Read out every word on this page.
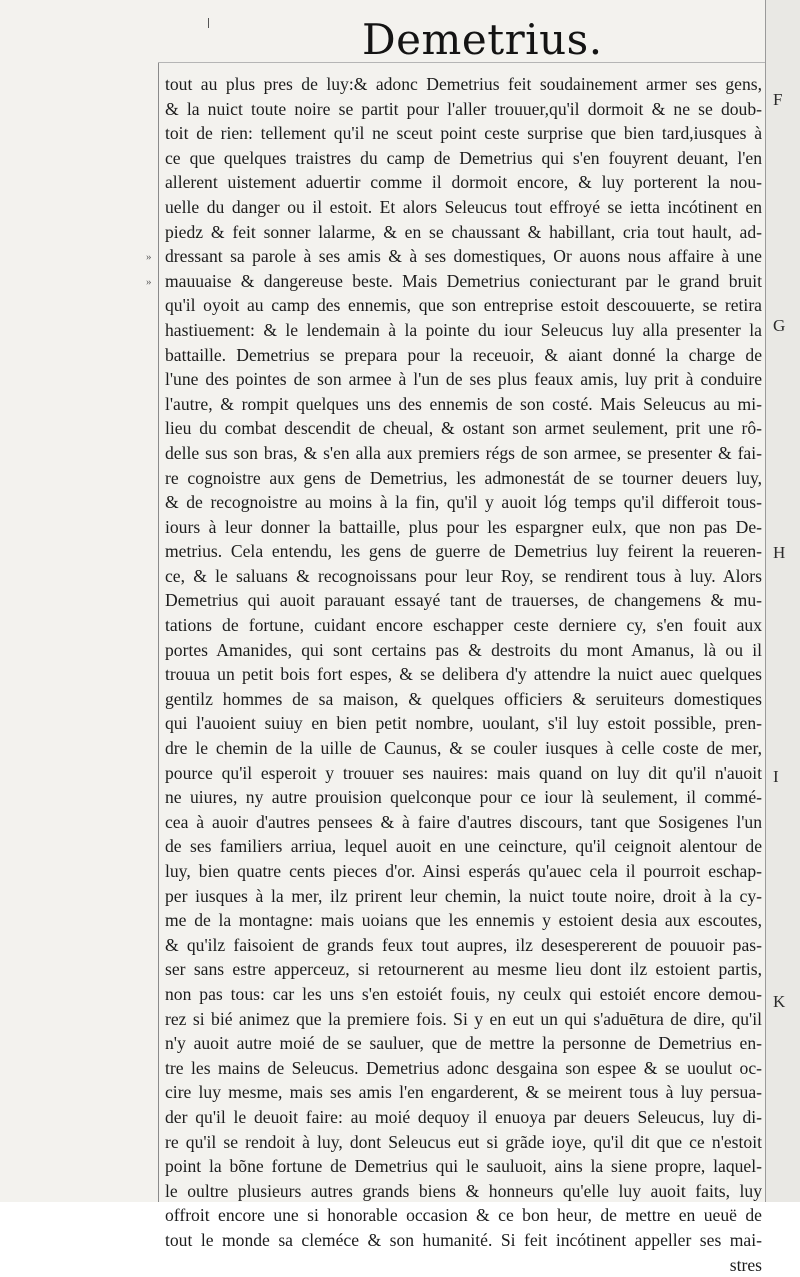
Demetrius.
tout au plus pres de luy:& adonc Demetrius feit soudainement armer ses gens,
& la nuict toute noire se partit pour l'aller trouuer,qu'il dormoit & ne se doub-
toit de rien: tellement qu'il ne sceut point ceste surprise que bien tard,iusques à
ce que quelques traistres du camp de Demetrius qui s'en fouyrent deuant, l'en
allerent uistement aduertir comme il dormoit encore, & luy porterent la nou-
uelle du danger ou il estoit. Et alors Seleucus tout effroyé se ietta incótinent en
piedz & feit sonner lalarme, & en se chaussant & habillant, cria tout hault, ad-
dressant sa parole à ses amis & à ses domestiques, Or auons nous affaire à une
mauuaise & dangereuse beste. Mais Demetrius coniecturant par le grand bruit
qu'il oyoit au camp des ennemis, que son entreprise estoit descouuerte, se retira
hastiuement: & le lendemain à la pointe du iour Seleucus luy alla presenter la
battaille. Demetrius se prepara pour la receuoir, & aiant donné la charge de
l'une des pointes de son armee à l'un de ses plus feaux amis, luy prit à conduire
l'autre, & rompit quelques uns des ennemis de son costé. Mais Seleucus au mi-
lieu du combat descendit de cheual, & ostant son armet seulement, prit une rô-
delle sus son bras, & s'en alla aux premiers régs de son armee, se presenter & fai-
re cognoistre aux gens de Demetrius, les admonestát de se tourner deuers luy,
& de recognoistre au moins à la fin, qu'il y auoit lóg temps qu'il differoit tous-
iours à leur donner la battaille, plus pour les espargner eulx, que non pas De-
metrius. Cela entendu, les gens de guerre de Demetrius luy feirent la reueren-
ce, & le saluans & recognoissans pour leur Roy, se rendirent tous à luy. Alors
Demetrius qui auoit parauant essayé tant de trauerses, de changemens & mu-
tations de fortune, cuidant encore eschapper ceste derniere cy, s'en fouit aux
portes Amanides, qui sont certains pas & destroits du mont Amanus, là ou il
trouua un petit bois fort espes, & se delibera d'y attendre la nuict auec quelques
gentilz hommes de sa maison, & quelques officiers & seruiteurs domestiques
qui l'auoient suiuy en bien petit nombre, uoulant, s'il luy estoit possible, pren-
dre le chemin de la uille de Caunus, & se couler iusques à celle coste de mer,
pource qu'il esperoit y trouuer ses nauires: mais quand on luy dit qu'il n'auoit
ne uiures, ny autre prouision quelconque pour ce iour là seulement, il commé-
cea à auoir d'autres pensees & à faire d'autres discours, tant que Sosigenes l'un
de ses familiers arriua, lequel auoit en une ceincture, qu'il ceignoit alentour de
luy, bien quatre cents pieces d'or. Ainsi esperás qu'auec cela il pourroit eschap-
per iusques à la mer, ilz prirent leur chemin, la nuict toute noire, droit à la cy-
me de la montagne: mais uoians que les ennemis y estoient desia aux escoutes,
& qu'ilz faisoient de grands feux tout aupres, ilz desespererent de pouuoir pas-
ser sans estre apperceuz, si retournerent au mesme lieu dont ilz estoient partis,
non pas tous: car les uns s'en estoiét fouis, ny ceulx qui estoiét encore demou-
rez si bié animez que la premiere fois. Si y en eut un qui s'aduētura de dire, qu'il
n'y auoit autre moié de se sauluer, que de mettre la personne de Demetrius en-
tre les mains de Seleucus. Demetrius adonc desgaina son espee & se uoulut oc-
cire luy mesme, mais ses amis l'en engarderent, & se meirent tous à luy persua-
der qu'il le deuoit faire: au moié dequoy il enuoya par deuers Seleucus, luy di-
re qu'il se rendoit à luy, dont Seleucus eut si grãde ioye, qu'il dit que ce n'estoit
point la bõne fortune de Demetrius qui le sauluoit, ains la siene propre, laquel-
le oultre plusieurs autres grands biens & honneurs qu'elle luy auoit faits, luy
offroit encore une si honorable occasion & ce bon heur, de mettre en ueuë de
tout le monde sa cleméce & son humanité. Si feit incótinent appeller ses mai-
stres
F
G
H
I
K
»
»
